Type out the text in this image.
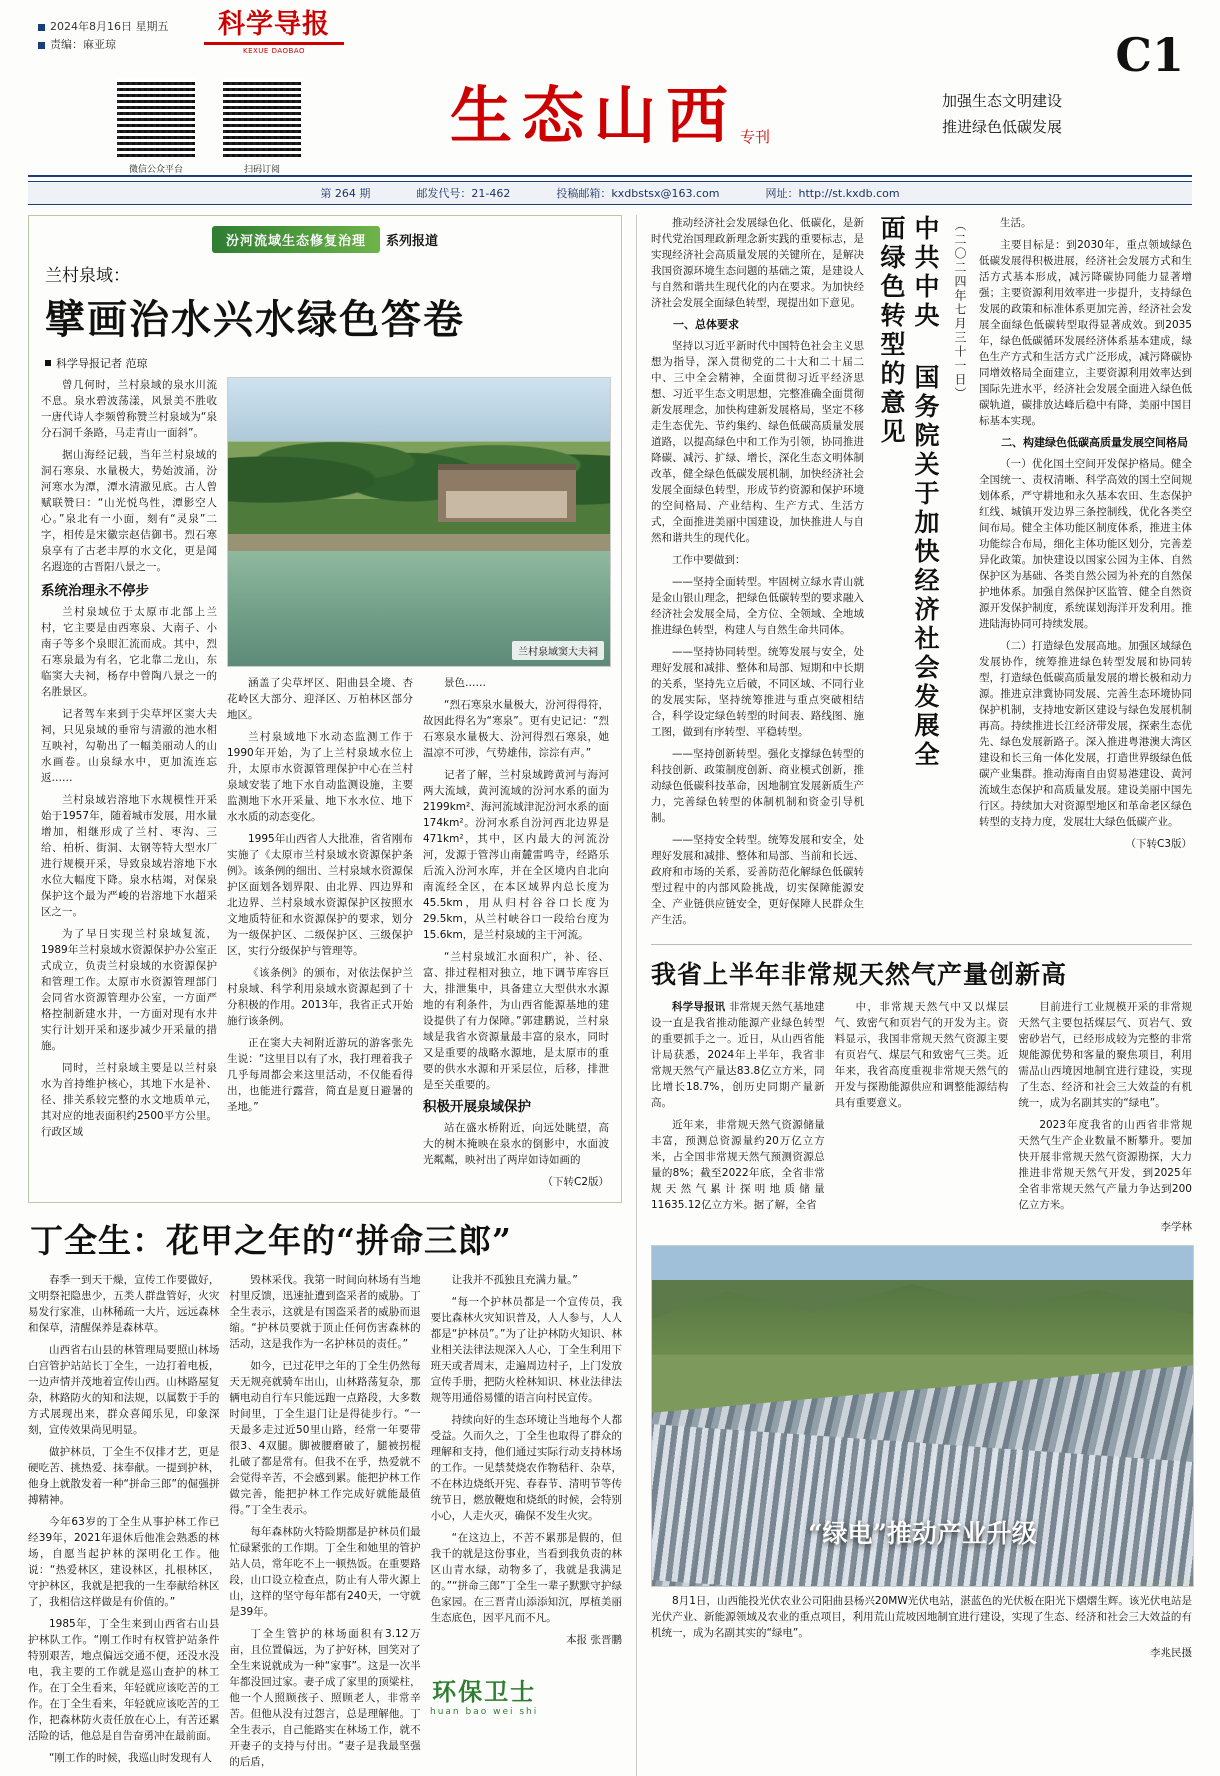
2024年8月16日 星期五
责编：麻亚琼
科学导报
KEXUE DAOBAO
微信公众平台	扫码订阅
生态山西 专刊
加强生态文明建设
推进绿色低碳发展
C1
第 264 期	邮发代号：21-462	投稿邮箱：kxdbstsx@163.com	网址：http://st.kxdb.com
汾河流域生态修复治理 系列报道
兰村泉域：
擘画治水兴水绿色答卷
科学导报记者 范琼

曾几何时，兰村泉域的泉水川流不息。泉水碧波荡漾，风景美不胜收一唐代诗人李频曾称赞兰村泉域为“泉分石洞千条路，马走青山一面斜”。

据山海经记载，当年兰村泉域的洞石寒泉、水量极大，势始波涌，汾河寒水为潭，潭水清澈见底。古人曾赋联赞曰：“山光悦鸟性，潭影空人心。”泉北有一小面，刻有“灵泉”二字，相传是宋徽宗赵佶御书。烈石寒泉享有了古老丰厚的水文化，更是闻名遐迩的古晋阳八景之一。

系统治理永不停步

兰村泉域位于太原市北部上兰村，它主要是由西寒泉、大南子、小南子等多个泉眼汇流而成。其中，烈石寒泉最为有名，它北靠二龙山，东临窦大夫祠，杨存中曾陶八景之一的名胜景区。

记者驾车来到于尖草坪区窦大夫祠，只见泉域的垂帘与清澈的池水相互映衬，勾勒出了一幅美丽动人的山水画卷。山泉绿水中，更加流连忘返……

兰村泉域岩溶地下水规模性开采始于1957年，随着城市发展，用水量增加，相继形成了兰村、枣沟、三给、柏析、街洞、太钢等特大型水厂进行规模开采，导致泉域岩溶地下水水位大幅度下降。泉水枯竭，对保泉保护这个最为严峻的岩溶地下水超采区之一。

为了早日实现兰村泉域复流，1989年兰村泉域水资源保护办公室正式成立，负责兰村泉域的水资源保护和管理工作。太原市水资源管理部门会同省水资源管理办公室，一方面严格控制新建水井，一方面对现有水井实行计划开采和逐步减少开采量的措施。

同时，兰村泉域主要是以兰村泉水为首持维护核心，其地下水是补、径、排关系较完整的水文地质单元，其对应的地表面积约2500平方公里。行政区域

兰村泉域窦大夫祠

涵盖了尖草坪区、阳曲县全境、杏花岭区大部分、迎泽区、万柏林区部分地区。

兰村泉域地下水动态监测工作于1990年开始，为了上兰村泉域水位上升，太原市水资源管理保护中心在兰村泉域安装了地下水自动监测设施，主要监测地下水开采量、地下水水位、地下水水质的动态变化。

1995年山西省人大批准，省省刚布实施了《太原市兰村泉域水资源保护条例》。该条例的细出、兰村泉域水资源保护区面划各划界限、由北界、四边界和北边界、兰村泉域水资源保护区按照水文地质特征和水资源保护的要求，划分为一级保护区、二级保护区、三级保护区，实行分级保护与管理等。

《该条例》的颁布，对依法保护兰村泉域、科学利用泉域水资源起到了十分积极的作用。2013年，我省正式开始施行该条例。

正在窦大夫祠附近游玩的游客张先生说：“这里目以有了水，我打理着我子几乎每周都会来这里活动，不仅能看得出，也能进行露营，简直是夏日避暑的圣地。”

景色……

“烈石寒泉水量极大，汾河得得符，故因此得名为“寒泉”。更有史记记：“烈石寒泉水量极大、汾河得烈石寒泉，她温凉不可涉，气势雄伟，淙淙有声。”

记者了解，兰村泉域跨黄河与海河两大流域，黄河流域的汾河水系的面为2199km²、海河流域津泥汾河水系的面174km²。汾河水系自汾河西北边界是471km²，其中，区内最大的河流汾河，发源于管涔山南麓雷鸣寺，经路乐后流入汾河水库，并在全区境内自北向南流经全区，在本区域界内总长度为45.5km，用从归村谷谷口长度为29.5km，从兰村峡谷口一段给台度为15.6km，是兰村泉域的主干河流。

“兰村泉域汇水面积广，补、径、富、排过程相对独立，地下调节库容巨大，排泄集中，具备建立大型供水水源地的有利条件，为山西省能源基地的建设提供了有力保障。”郭建鹏说，兰村泉域是我省水资源量最丰富的泉水，同时又是重要的战略水源地，是太原市的重要的供水水源和开采层位，后移，排泄是至关重要的。

积极开展泉域保护

站在盛水桥附近，向远处眺望，高大的树木掩映在泉水的倒影中，水面波光粼粼，映衬出了两岸如诗如画的

（下转C2版）
丁全生：花甲之年的“拼命三郎”

春季一到天干燥，宣传工作要做好，文明祭祀隐患少，五类人群盘管好，火灾易发行家准，山林稀疏一大片，远远森林和保草，清醒保养是森林草。

山西省右山县的林管理局要照山林场白宫管护站站长丁全生，一边打着电板，一边声情并茂地着宣传山西。山林路屋复杂，林路防火的知和法规，以属数于手的方式展现出来，群众喜闻乐见，印象深刻，宣传效果尚见明显。

做护林员，丁全生不仅排才艺，更是硬吃苦、挑热爱、抹奉献。一提到护林，他身上就散发着一种“拼命三郎”的倔强拼搏精神。

今年63岁的丁全生从事护林工作已经39年，2021年退休后他准会熟悉的林场，自愿当起护林的深明化工作。他说：“热爱林区，建设林区，扎根林区，守护林区，我就是把我的一生奉献给林区了，我相信这样做是有价值的。”

1985年，丁全生来到山西省右山县护林队工作。“刚工作时有权管护站条件特别艰苦，地点偏远交通不便，还没水没电，我主要的工作就是巡山查护的林工作。在丁全生看来，年轻就应该吃苦的工作。在丁全生看来，年轻就应该吃苦的工作，把森林防火责任放在心上，有苦还累活险的话，他总是自告奋勇冲在最前面。

“刚工作的时候，我巡山时发现有人

毁林采伐。我第一时间向林场有当地村里反馈，迅速扯遭到盗采者的威胁。丁全生表示，这就是有国盗采者的威胁而退缩。“护林员要就于顶止任何伤害森林的活动，这是我作为一名护林员的责任。”

如今，已过花甲之年的丁全生仍然每天无规亮就骑车出山，山林路荡复杂，那辆电动自行车只能远跑一点路段，大多数时间里，丁全生退门让是得徒步行。“一天最多走过近50里山路，经常一年要带很3、4双腿。脚被腰磨破了，腿被拐棍扎破了都是常有。但我不在乎，热爱就不会觉得辛苦，不会感到累。能把护林工作做完善，能把护林工作完成好就能最值得。”丁全生表示。

每年森林防火特险期都是护林员们最忙碌紧张的工作期。丁全生和她里的管护站人员，常年吃不上一顿热饭。在重要路段，山口设立检查点，防止有人带火源上山，这样的坚守每年都有240天，一守就是39年。

丁全生管护的林场面积有3.12万亩，且位置偏远，为了护好林，回笑对了全生来说就成为一种“家事”。这是一次半年都没回过家。妻子成了家里的顶梁柱，他一个人照顾孩子、照顾老人，非常辛苦。但他从没有过怨言，总是理解他。丁全生表示，自己能路实在林场工作，就不开妻子的支持与付出。“妻子是我最坚强的后盾，

让我并不孤独且充满力量。”

“每一个护林员都是一个宣传员，我要比森林火灾知识普及，人人参与，人人都是“护林员”。”为了让护林防火知识、林业相关法律法规深入人心，丁全生利用下班天或者周末，走遍周边村子，上门发放宣传手册，把防火栓林知识、林业法律法规等用通俗易懂的语言向村民宣传。

持续向好的生态环境让当地每个人都受益。久而久之，丁全生也取得了群众的理解和支持，他们通过实际行动支持林场的工作。一见禁焚烧农作物秸秆、杂草，不在林边烧纸开宪、春春节、清明节等传统节日，燃放鞭炮和烧纸的时候，会特别小心，人走火灭，确保不发生火灾。

“在这边上，不苦不累那是假的，但我千的就是这份事业，当看到我负责的林区山青水绿，动物多了，我就是我满足的。”“拼命三郎”丁全生一辈子默默守护绿色家园。在三晋青山添添知沉，厚植美丽生态底色，因平凡而不凡。

本报 张晋鹏
环保卫士
huan bao wei shi

推动经济社会发展绿色化、低碳化，是新时代党治国理政新理念新实践的重要标志，是实现经济社会高质量发展的关键所在，是解决我国资源环境生态问题的基础之策，是建设人与自然和谐共生现代化的内在要求。为加快经济社会发展全面绿色转型，现提出如下意见。

一、总体要求

坚持以习近平新时代中国特色社会主义思想为指导，深入贯彻党的二十大和二十届二中、三中全会精神，全面贯彻习近平经济思想、习近平生态文明思想，完整准确全面贯彻新发展理念，加快构建新发展格局，坚定不移走生态优先、节约集约、绿色低碳高质量发展道路，以提高绿色中和工作为引领，协同推进降碳、减污、扩绿、增长，深化生态文明体制改革，健全绿色低碳发展机制，加快经济社会发展全面绿色转型，形成节约资源和保护环境的空间格局、产业结构、生产方式、生活方式，全面推进美丽中国建设，加快推进人与自然和谐共生的现代化。

工作中要做到：

——坚持全面转型。牢固树立绿水青山就是金山银山理念，把绿色低碳转型的要求融入经济社会发展全局，全方位、全领域、全地域推进绿色转型，构建人与自然生命共同体。

——坚持协同转型。统筹发展与安全，处理好发展和减排、整体和局部、短期和中长期的关系，坚持先立后破，不同区域、不同行业的发展实际，坚持统筹推进与重点突破相结合，科学设定绿色转型的时间表、路线图、施工图，做到有序转型、平稳转型。

——坚持创新转型。强化支撑绿色转型的科技创新、政策制度创新、商业模式创新，推动绿色低碳科技革命，因地制宜发展新质生产力，完善绿色转型的体制机制和资金引导机制。

——坚持安全转型。统筹发展和安全，处理好发展和减排、整体和局部、当前和长远、政府和市场的关系，妥善防范化解绿色低碳转型过程中的内部风险挑战，切实保障能源安全、产业链供应链安全，更好保障人民群众生产生活。

中共中央 国务院关于加快经济社会发展全面绿色转型的意见	（二〇二四年七月三十一日）	生活。

主要目标是：到2030年，重点领域绿色低碳发展得积极进展，经济社会发展方式和生活方式基本形成，减污降碳协同能力显著增强；主要资源利用效率进一步提升，支持绿色发展的政策和标准体系更加完善，经济社会发展全面绿色低碳转型取得显著成效。到2035年，绿色低碳循环发展经济体系基本建成，绿色生产方式和生活方式广泛形成，减污降碳协同增效格局全面建立，主要资源利用效率达到国际先进水平，经济社会发展全面进入绿色低碳轨道，碳排放达峰后稳中有降，美丽中国目标基本实现。

二、构建绿色低碳高质量发展空间格局

（一）优化国土空间开发保护格局。健全全国统一、责权清晰、科学高效的国土空间规划体系，严守耕地和永久基本农田、生态保护红线、城镇开发边界三条控制线，优化各类空间布局。健全主体功能区制度体系，推进主体功能综合布局，细化主体功能区划分，完善差异化政策。加快建设以国家公园为主体、自然保护区为基础、各类自然公园为补充的自然保护地体系。加强自然保护区监管、健全自然资源开发保护制度，系统谋划海洋开发利用。推进陆海协同可持续发展。

（二）打造绿色发展高地。加强区域绿色发展协作，统筹推进绿色转型发展和协同转型，打造绿色低碳高质量发展的增长极和动力源。推进京津冀协同发展、完善生态环境协同保护机制，支持地安新区建设与绿色发展机制再高。持续推进长江经济带发展，探索生态优先、绿色发展新路子。深入推进粤港澳大湾区建设和长三角一体化发展，打造世界级绿色低碳产业集群。推动海南自由贸易港建设、黄河流域生态保护和高质量发展。建设美丽中国先行区。持续加大对资源型地区和革命老区绿色转型的支持力度，发展壮大绿色低碳产业。

（下转C3版）

我省上半年非常规天然气产量创新高

科学导报讯 非常规天然气基地建设一直是我省推动能源产业绿色转型的重要抓手之一。近日，从山西省能计局获悉，2024年上半年，我省非常规天然气产量达83.8亿立方米，同比增长18.7%，创历史同期产量新高。

近年来，非常规天然气资源储量丰富，预测总资源量约20万亿立方米，占全国非常规天然气预测资源总量的8%；截至2022年底，全省非常规天然气累计探明地质储量11635.12亿立方米。据了解，全省

中，非常规天然气中又以煤层气、致密气和页岩气的开发为主。资料显示，我国非常规天然气资源主要有页岩气、煤层气和致密气三类。近年来，我省高度重视非常规天然气的开发与探勘能源供应和调整能源结构具有重要意义。

目前进行工业规模开采的非常规天然气主要包括煤层气、页岩气、致密砂岩气，已经形成较为完整的非常规能源优势和客量的聚焦项目，利用需品山西境因地制宜进行建设，实现了生态、经济和社会三大效益的有机统一，成为名副其实的“绿电”。

2023年度我省的山西省非常规天然气生产企业数量不断攀升。要加快开展非常规天然气资源勘探，大力推进非常规天然气开发，到2025年全省非常规天然气产量力争达到200亿立方米。

李学林
“绿电”推动产业升级

8月1日，山西能投光伏农业公司阳曲县杨兴20MW光伏电站，湛蓝色的光伏板在阳光下熠熠生辉。该光伏电站是光伏产业、新能源领域及农业的重点项目，利用荒山荒坡因地制宜进行建设，实现了生态、经济和社会三大效益的有机统一，成为名副其实的“绿电”。

李兆民摄
